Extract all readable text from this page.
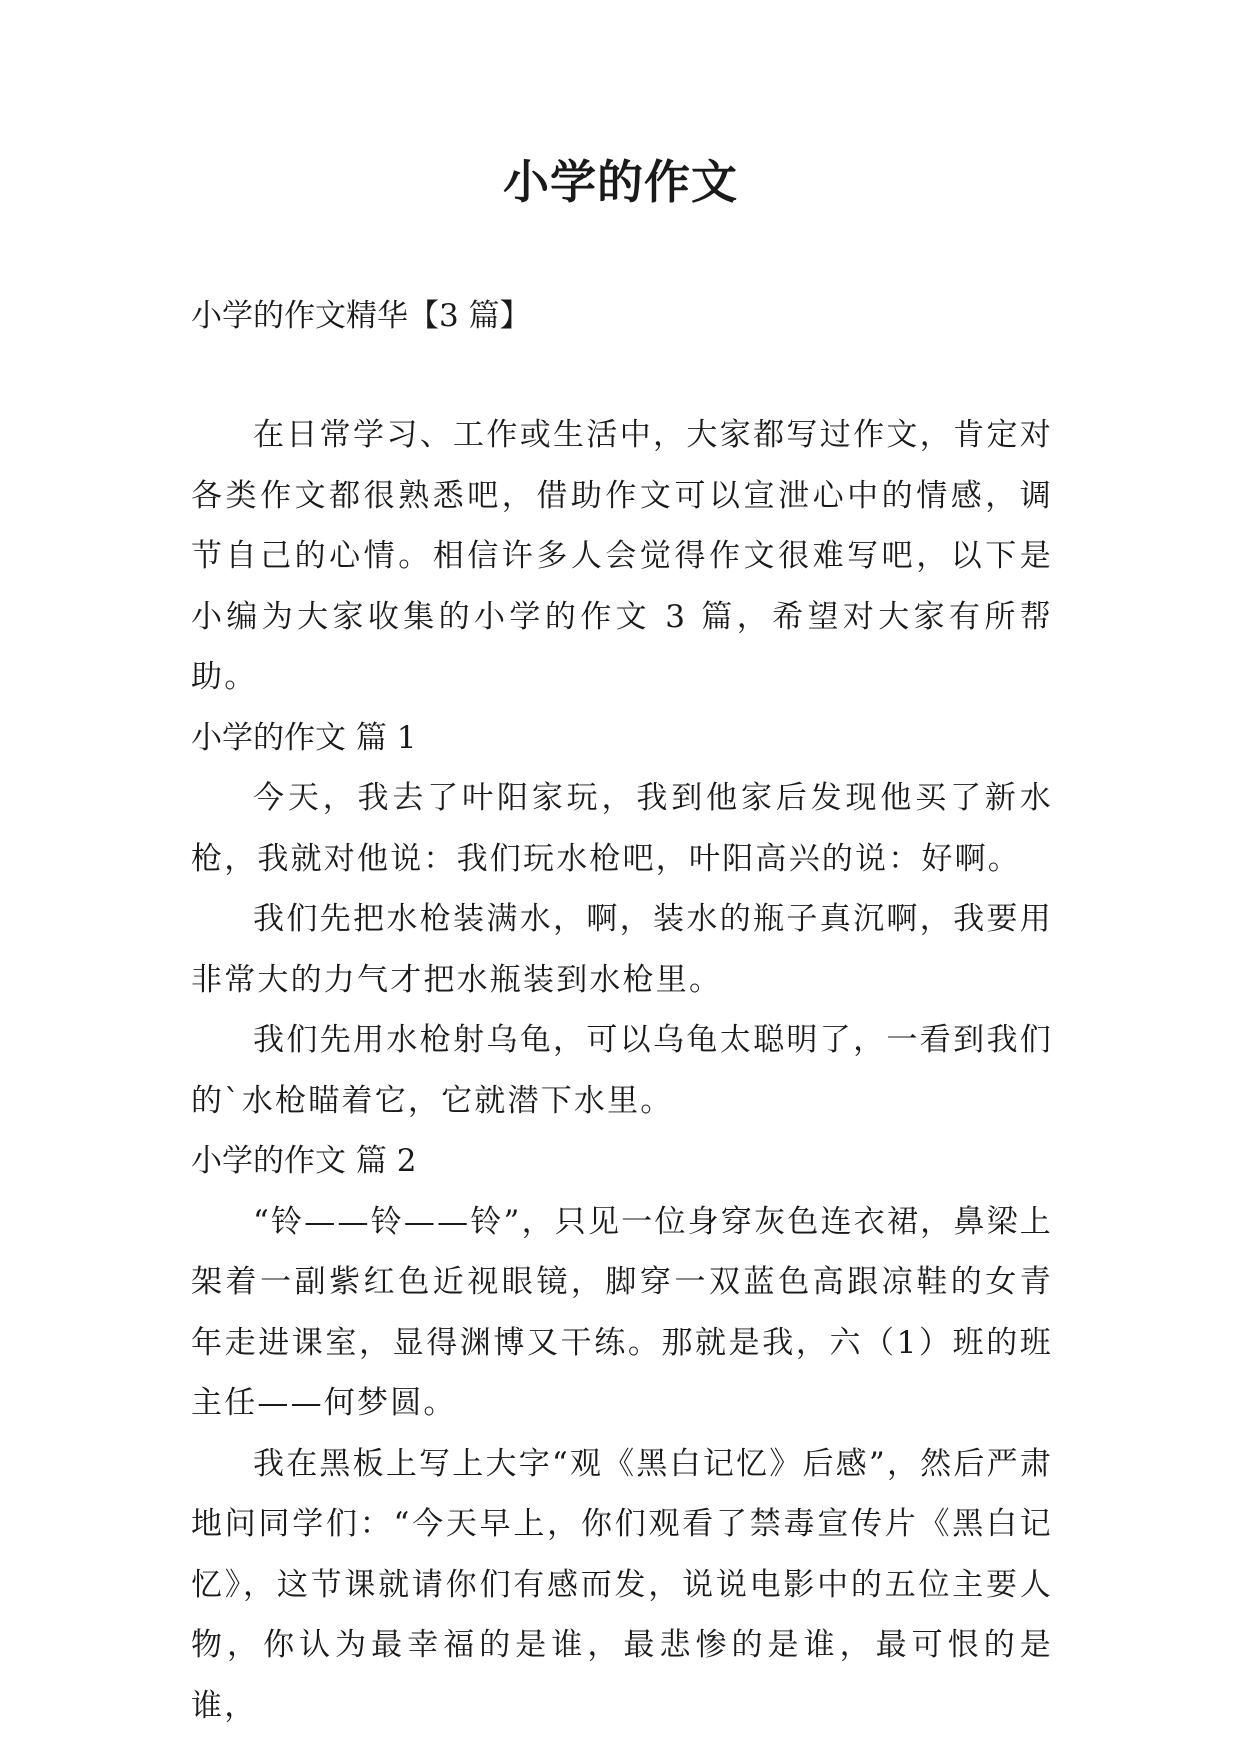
小学的作文

小学的作文精华【3 篇】

在日常学习、工作或生活中，大家都写过作文，肯定对各类作文都很熟悉吧，借助作文可以宣泄心中的情感，调节自己的心情。相信许多人会觉得作文很难写吧，以下是小编为大家收集的小学的作文 3 篇，希望对大家有所帮助。

小学的作文 篇 1

今天，我去了叶阳家玩，我到他家后发现他买了新水枪，我就对他说：我们玩水枪吧，叶阳高兴的说：好啊。

我们先把水枪装满水，啊，装水的瓶子真沉啊，我要用非常大的力气才把水瓶装到水枪里。

我们先用水枪射乌龟，可以乌龟太聪明了，一看到我们的`水枪瞄着它，它就潜下水里。

小学的作文 篇 2

“铃——铃——铃”，只见一位身穿灰色连衣裙，鼻梁上架着一副紫红色近视眼镜，脚穿一双蓝色高跟凉鞋的女青年走进课室，显得渊博又干练。那就是我，六（1）班的班主任——何梦圆。

我在黑板上写上大字“观《黑白记忆》后感”，然后严肃地问同学们：“今天早上，你们观看了禁毒宣传片《黑白记忆》，这节课就请你们有感而发，说说电影中的五位主要人物，你认为最幸福的是谁，最悲惨的是谁，最可恨的是谁，
